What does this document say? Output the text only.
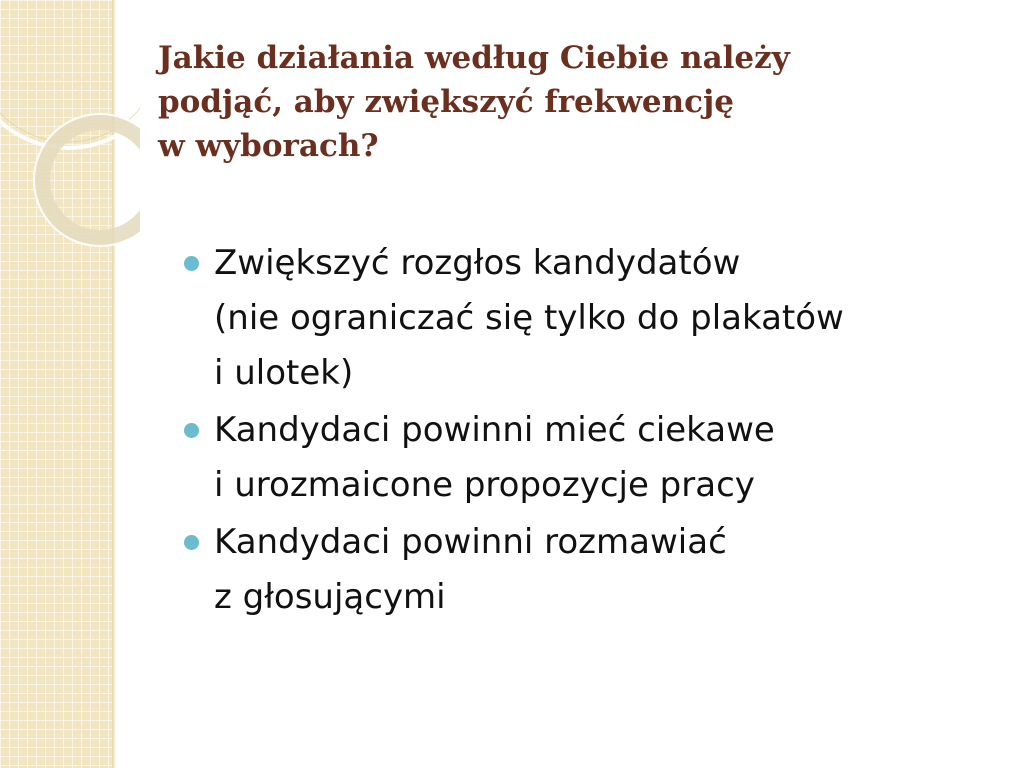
Jakie działania według Ciebie należy
podjąć, aby zwiększyć frekwencję
w wyborach?
Zwiększyć rozgłos kandydatów
(nie ograniczać się tylko do plakatów
i ulotek)
Kandydaci powinni mieć ciekawe
i urozmaicone propozycje pracy
Kandydaci powinni rozmawiać
z głosującymi
